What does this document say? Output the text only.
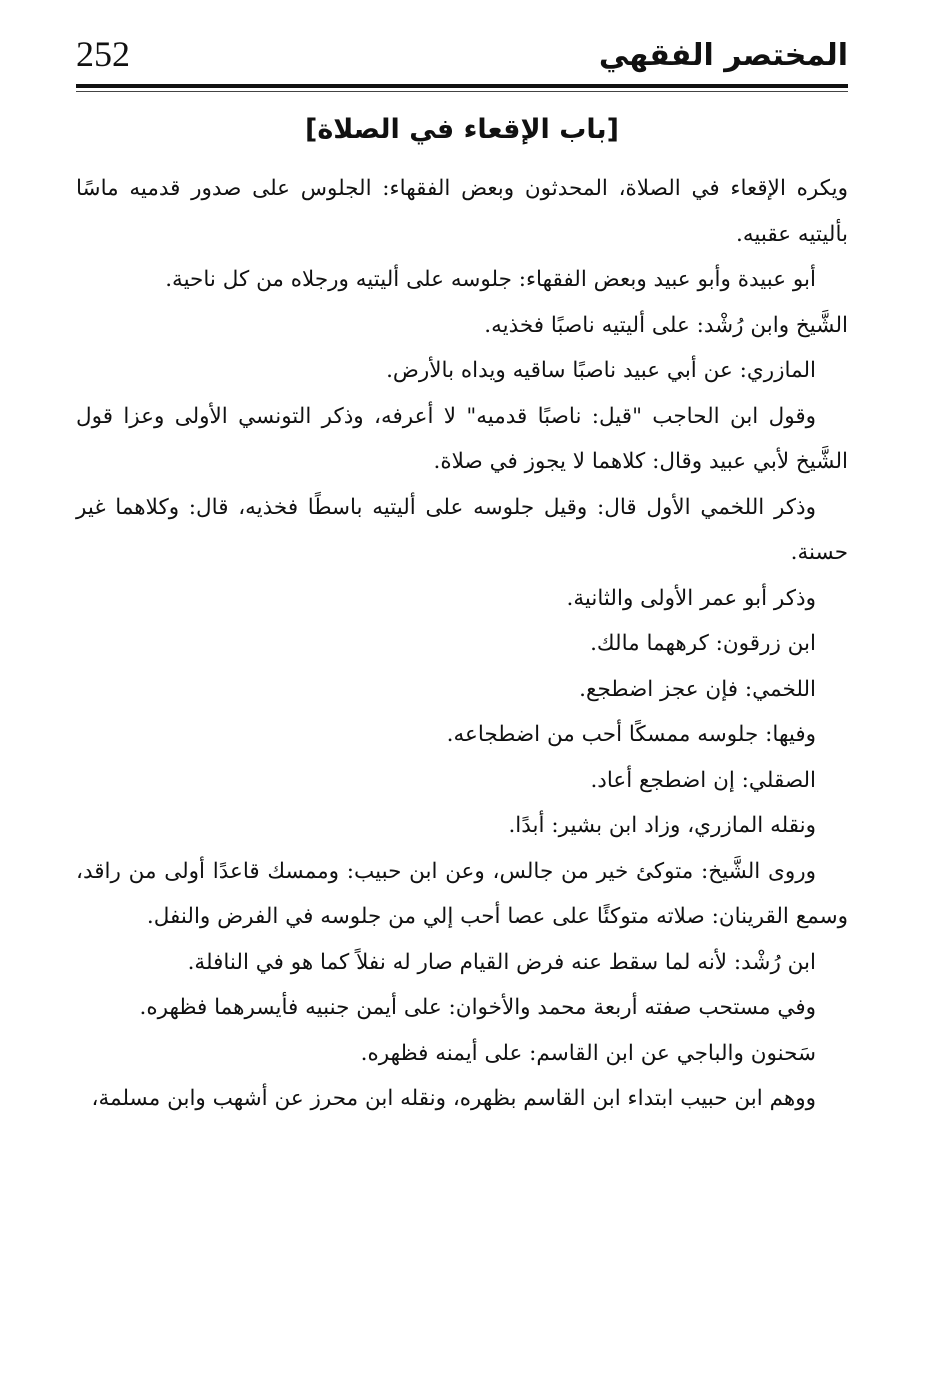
252	المختصر الفقهي
[باب الإقعاء في الصلاة]

ويكره الإقعاء في الصلاة، المحدثون وبعض الفقهاء: الجلوس على صدور قدميه ماسًا بأليتيه عقبيه.

أبو عبيدة وأبو عبيد وبعض الفقهاء: جلوسه على أليتيه ورجلاه من كل ناحية.

الشَّيخ وابن رُشْد: على أليتيه ناصبًا فخذيه.

المازري: عن أبي عبيد ناصبًا ساقيه ويداه بالأرض.

وقول ابن الحاجب "قيل: ناصبًا قدميه" لا أعرفه، وذكر التونسي الأولى وعزا قول الشَّيخ لأبي عبيد وقال: كلاهما لا يجوز في صلاة.

وذكر اللخمي الأول قال: وقيل جلوسه على أليتيه باسطًا فخذيه، قال: وكلاهما غير حسنة.

وذكر أبو عمر الأولى والثانية.

ابن زرقون: كرههما مالك.

اللخمي: فإن عجز اضطجع.

وفيها: جلوسه ممسكًا أحب من اضطجاعه.

الصقلي: إن اضطجع أعاد.

ونقله المازري، وزاد ابن بشير: أبدًا.

وروى الشَّيخ: متوكئ خير من جالس، وعن ابن حبيب: وممسك قاعدًا أولى من راقد، وسمع القرينان: صلاته متوكئًا على عصا أحب إلي من جلوسه في الفرض والنفل.

ابن رُشْد: لأنه لما سقط عنه فرض القيام صار له نفلاً كما هو في النافلة.

وفي مستحب صفته أربعة محمد والأخوان: على أيمن جنبيه فأيسرهما فظهره.

سَحنون والباجي عن ابن القاسم: على أيمنه فظهره.

ووهم ابن حبيب ابتداء ابن القاسم بظهره، ونقله ابن محرز عن أشهب وابن مسلمة،
